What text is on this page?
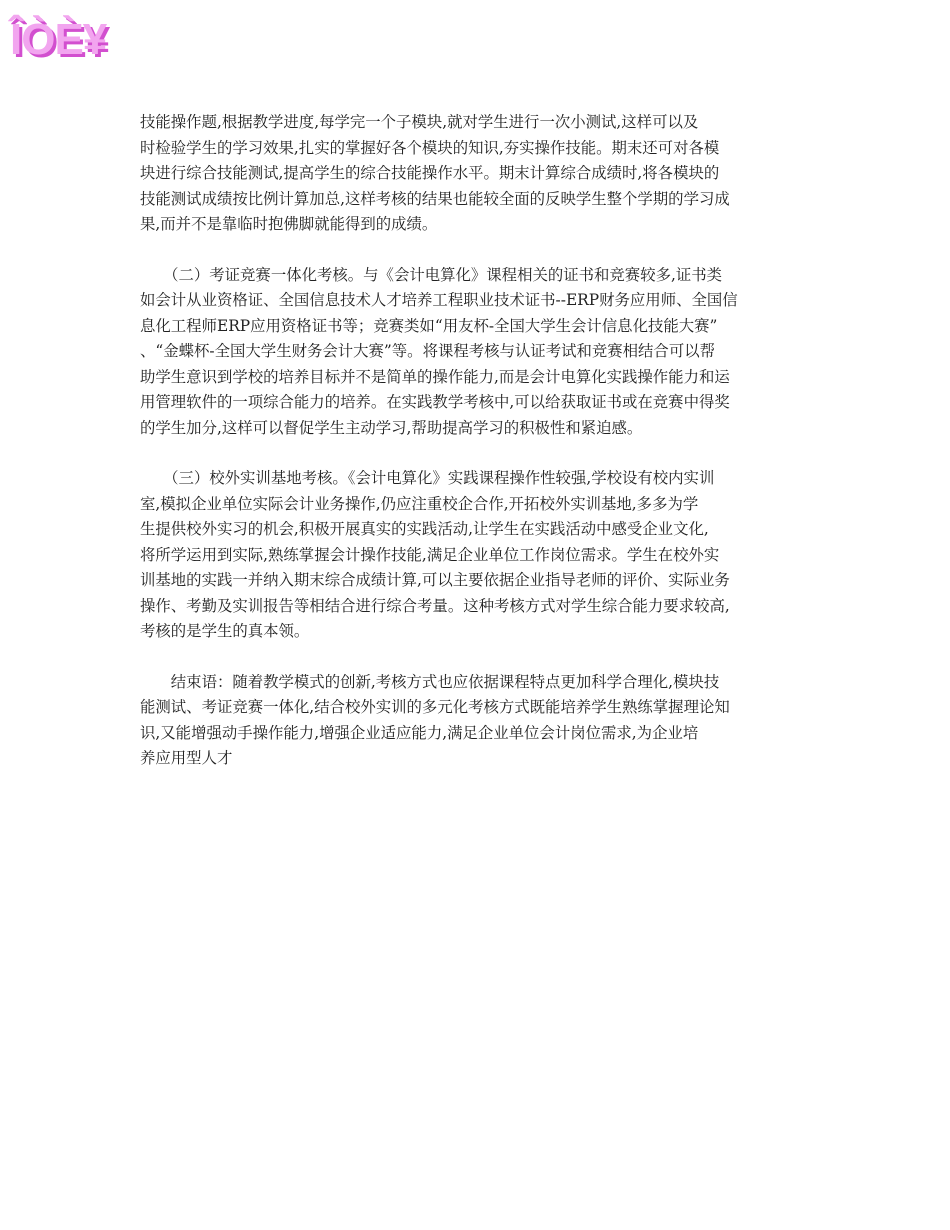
ÎÒÈ¥
技能操作题,根据教学进度,每学完一个子模块,就对学生进行一次小测试,这样可以及
时检验学生的学习效果,扎实的掌握好各个模块的知识,夯实操作技能。期末还可对各模
块进行综合技能测试,提高学生的综合技能操作水平。期末计算综合成绩时,将各模块的
技能测试成绩按比例计算加总,这样考核的结果也能较全面的反映学生整个学期的学习成
果,而并不是靠临时抱佛脚就能得到的成绩。
　　（二）考证竞赛一体化考核。与《会计电算化》课程相关的证书和竞赛较多,证书类
如会计从业资格证、全国信息技术人才培养工程职业技术证书--ERP财务应用师、全国信
息化工程师ERP应用资格证书等；竞赛类如“用友杯-全国大学生会计信息化技能大赛”
、“金蝶杯-全国大学生财务会计大赛”等。将课程考核与认证考试和竞赛相结合可以帮
助学生意识到学校的培养目标并不是简单的操作能力,而是会计电算化实践操作能力和运
用管理软件的一项综合能力的培养。在实践教学考核中,可以给获取证书或在竞赛中得奖
的学生加分,这样可以督促学生主动学习,帮助提高学习的积极性和紧迫感。
　　（三）校外实训基地考核。《会计电算化》实践课程操作性较强,学校设有校内实训
室,模拟企业单位实际会计业务操作,仍应注重校企合作,开拓校外实训基地,多多为学
生提供校外实习的机会,积极开展真实的实践活动,让学生在实践活动中感受企业文化,
将所学运用到实际,熟练掌握会计操作技能,满足企业单位工作岗位需求。学生在校外实
训基地的实践一并纳入期末综合成绩计算,可以主要依据企业指导老师的评价、实际业务
操作、考勤及实训报告等相结合进行综合考量。这种考核方式对学生综合能力要求较高,
考核的是学生的真本领。
　　结束语：随着教学模式的创新,考核方式也应依据课程特点更加科学合理化,模块技
能测试、考证竞赛一体化,结合校外实训的多元化考核方式既能培养学生熟练掌握理论知
识,又能增强动手操作能力,增强企业适应能力,满足企业单位会计岗位需求,为企业培
养应用型人才
